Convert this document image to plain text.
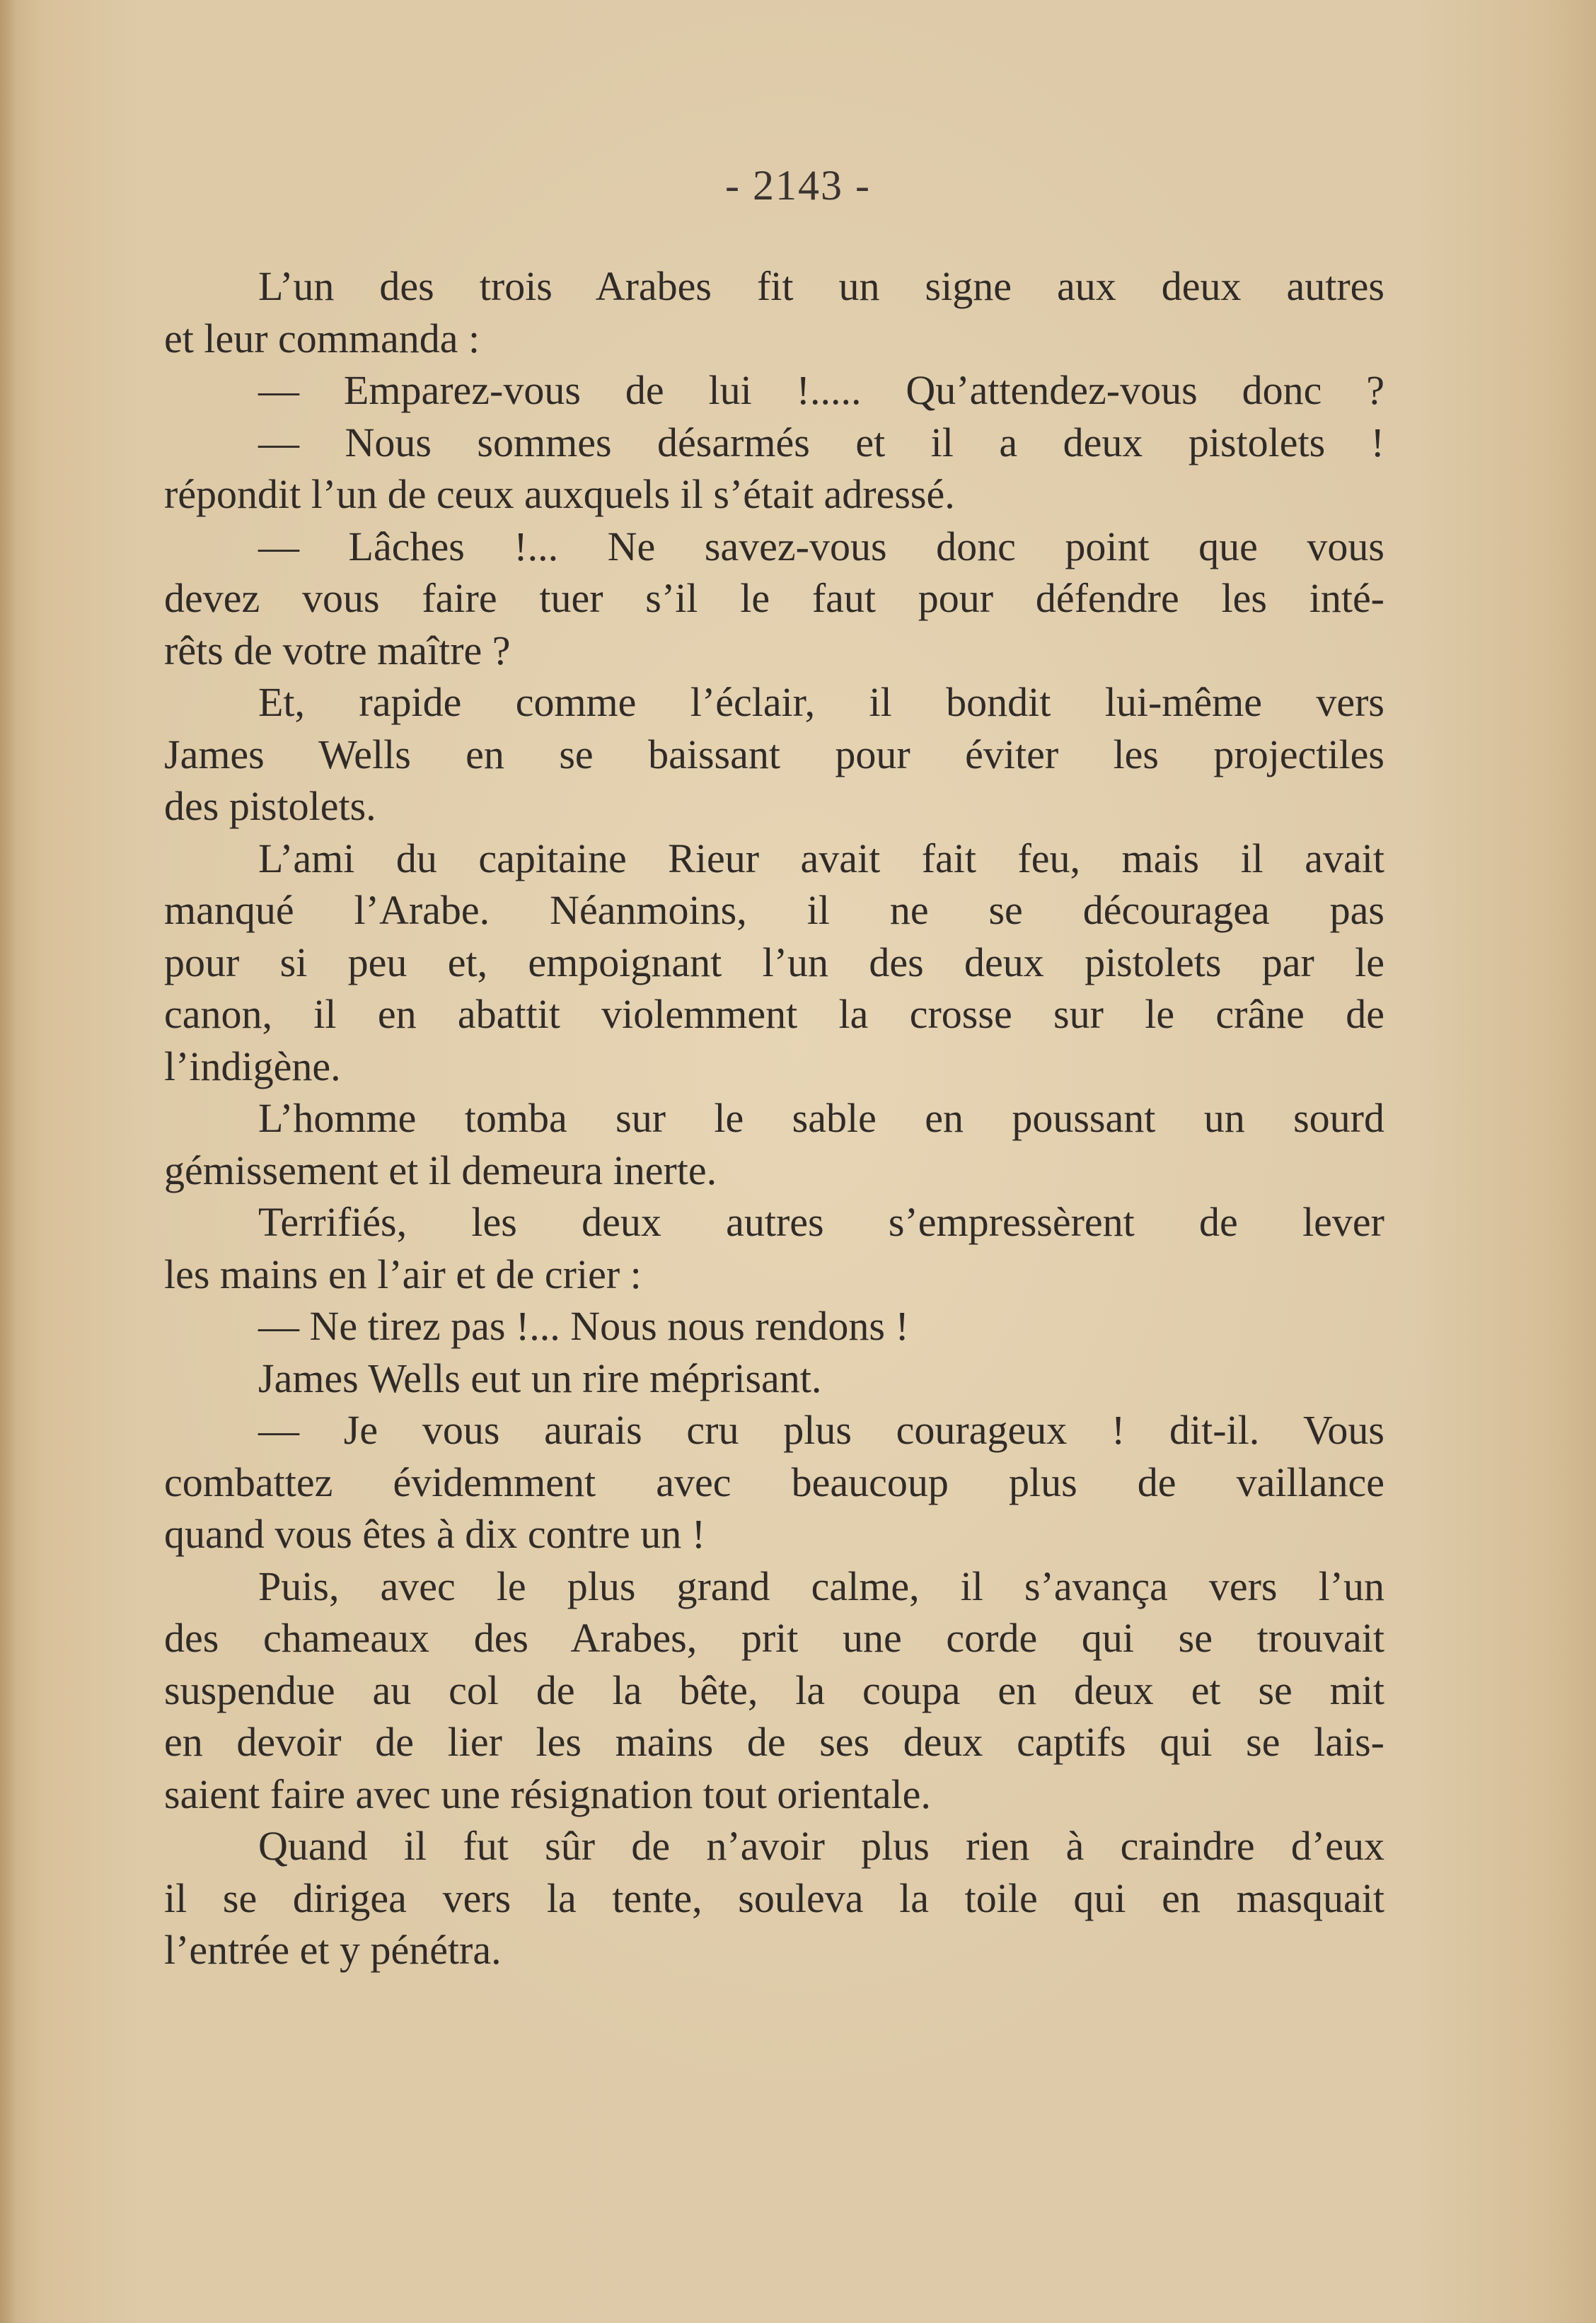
- 2143 -
L’un des trois Arabes fit un signe aux deux autres
et leur commanda :
— Emparez-vous de lui !..... Qu’attendez-vous donc ?
— Nous sommes désarmés et il a deux pistolets !
répondit l’un de ceux auxquels il s’était adressé.
— Lâches !... Ne savez-vous donc point que vous
devez vous faire tuer s’il le faut pour défendre les inté-
rêts de votre maître ?
Et, rapide comme l’éclair, il bondit lui-même vers
James Wells en se baissant pour éviter les projectiles
des pistolets.
L’ami du capitaine Rieur avait fait feu, mais il avait
manqué l’Arabe. Néanmoins, il ne se découragea pas
pour si peu et, empoignant l’un des deux pistolets par le
canon, il en abattit violemment la crosse sur le crâne de
l’indigène.
L’homme tomba sur le sable en poussant un sourd
gémissement et il demeura inerte.
Terrifiés, les deux autres s’empressèrent de lever
les mains en l’air et de crier :
— Ne tirez pas !... Nous nous rendons !
James Wells eut un rire méprisant.
— Je vous aurais cru plus courageux ! dit-il. Vous
combattez évidemment avec beaucoup plus de vaillance
quand vous êtes à dix contre un !
Puis, avec le plus grand calme, il s’avança vers l’un
des chameaux des Arabes, prit une corde qui se trouvait
suspendue au col de la bête, la coupa en deux et se mit
en devoir de lier les mains de ses deux captifs qui se lais-
saient faire avec une résignation tout orientale.
Quand il fut sûr de n’avoir plus rien à craindre d’eux
il se dirigea vers la tente, souleva la toile qui en masquait
l’entrée et y pénétra.
